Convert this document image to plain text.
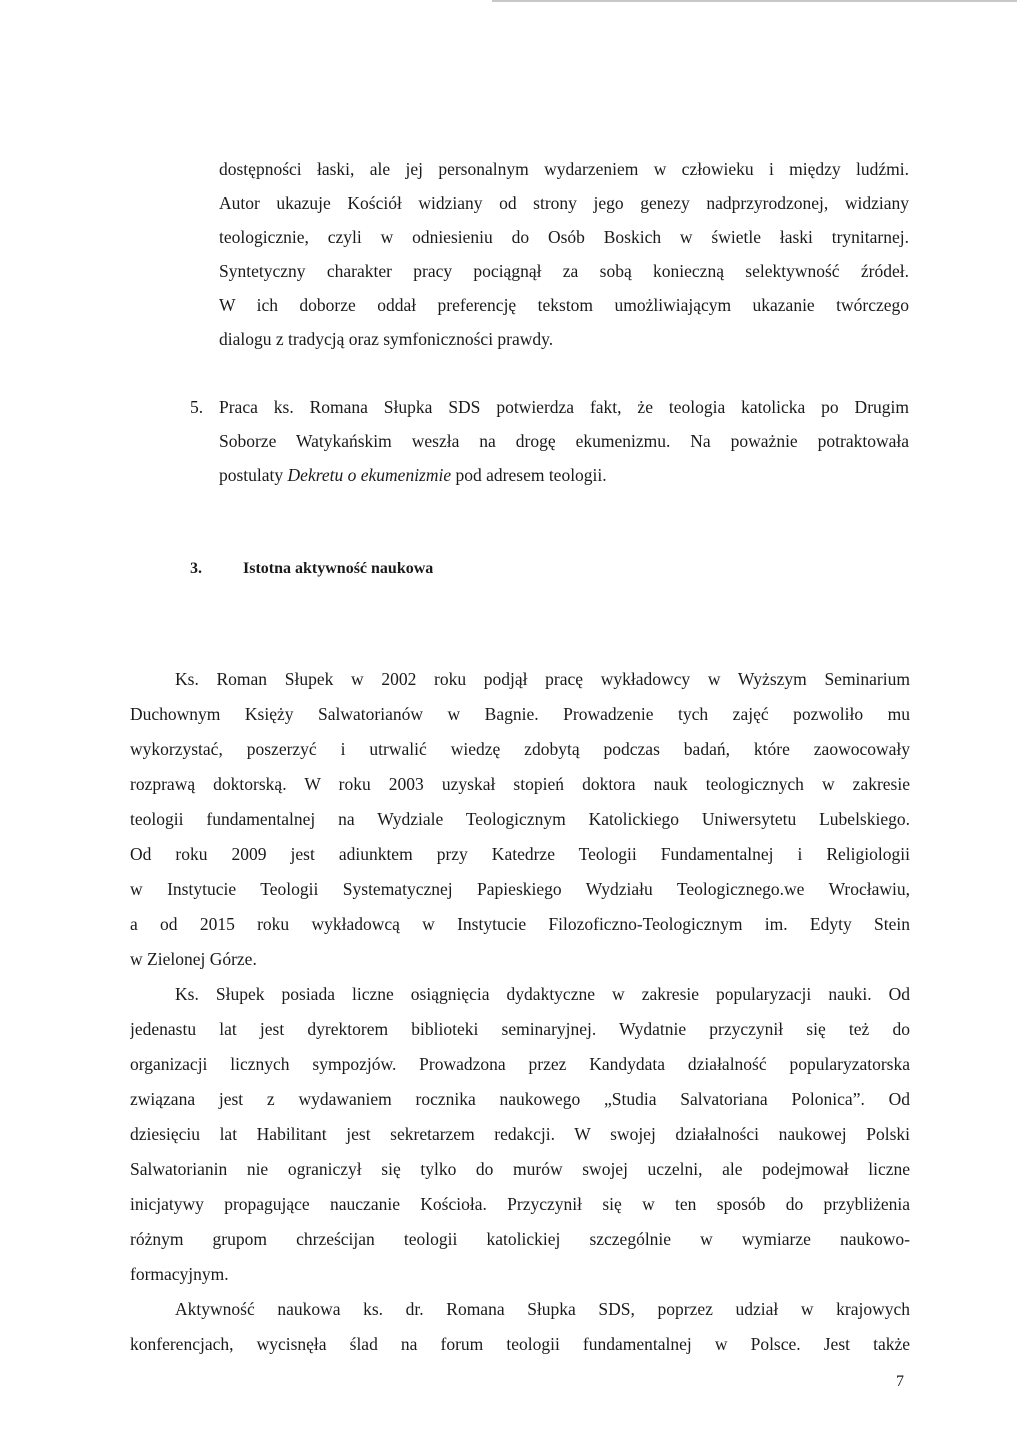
dostępności łaski, ale jej personalnym wydarzeniem w człowieku i między ludźmi.
Autor ukazuje Kościół widziany od strony jego genezy nadprzyrodzonej, widziany
teologicznie, czyli w odniesieniu do Osób Boskich w świetle łaski trynitarnej.
Syntetyczny charakter pracy pociągnął za sobą konieczną selektywność źródeł.
W ich doborze oddał preferencję tekstom umożliwiającym ukazanie twórczego
dialogu z tradycją oraz symfoniczności prawdy.
5. Praca ks. Romana Słupka SDS potwierdza fakt, że teologia katolicka po Drugim
Soborze Watykańskim weszła na drogę ekumenizmu. Na poważnie potraktowała
postulaty Dekretu o ekumenizmie pod adresem teologii.
3.	Istotna aktywność naukowa
Ks. Roman Słupek w 2002 roku podjął pracę wykładowcy w Wyższym Seminarium
Duchownym Księży Salwatorianów w Bagnie. Prowadzenie tych zajęć pozwoliło mu
wykorzystać, poszerzyć i utrwalić wiedzę zdobytą podczas badań, które zaowocowały
rozprawą doktorską. W roku 2003 uzyskał stopień doktora nauk teologicznych w zakresie
teologii fundamentalnej na Wydziale Teologicznym Katolickiego Uniwersytetu Lubelskiego.
Od roku 2009 jest adiunktem przy Katedrze Teologii Fundamentalnej i Religiologii
w Instytucie Teologii Systematycznej Papieskiego Wydziału Teologicznego.we Wrocławiu,
a od 2015 roku wykładowcą w Instytucie Filozoficzno-Teologicznym im. Edyty Stein
w Zielonej Górze.
Ks. Słupek posiada liczne osiągnięcia dydaktyczne w zakresie popularyzacji nauki. Od
jedenastu lat jest dyrektorem biblioteki seminaryjnej. Wydatnie przyczynił się też do
organizacji licznych sympozjów. Prowadzona przez Kandydata działalność popularyzatorska
związana jest z wydawaniem rocznika naukowego „Studia Salvatoriana Polonica”. Od
dziesięciu lat Habilitant jest sekretarzem redakcji. W swojej działalności naukowej Polski
Salwatorianin nie ograniczył się tylko do murów swojej uczelni, ale podejmował liczne
inicjatywy propagujące nauczanie Kościoła. Przyczynił się w ten sposób do przybliżenia
różnym grupom chrześcijan teologii katolickiej szczególnie w wymiarze naukowo-
formacyjnym.
Aktywność naukowa ks. dr. Romana Słupka SDS, poprzez udział w krajowych
konferencjach, wycisnęła ślad na forum teologii fundamentalnej w Polsce. Jest także
7
